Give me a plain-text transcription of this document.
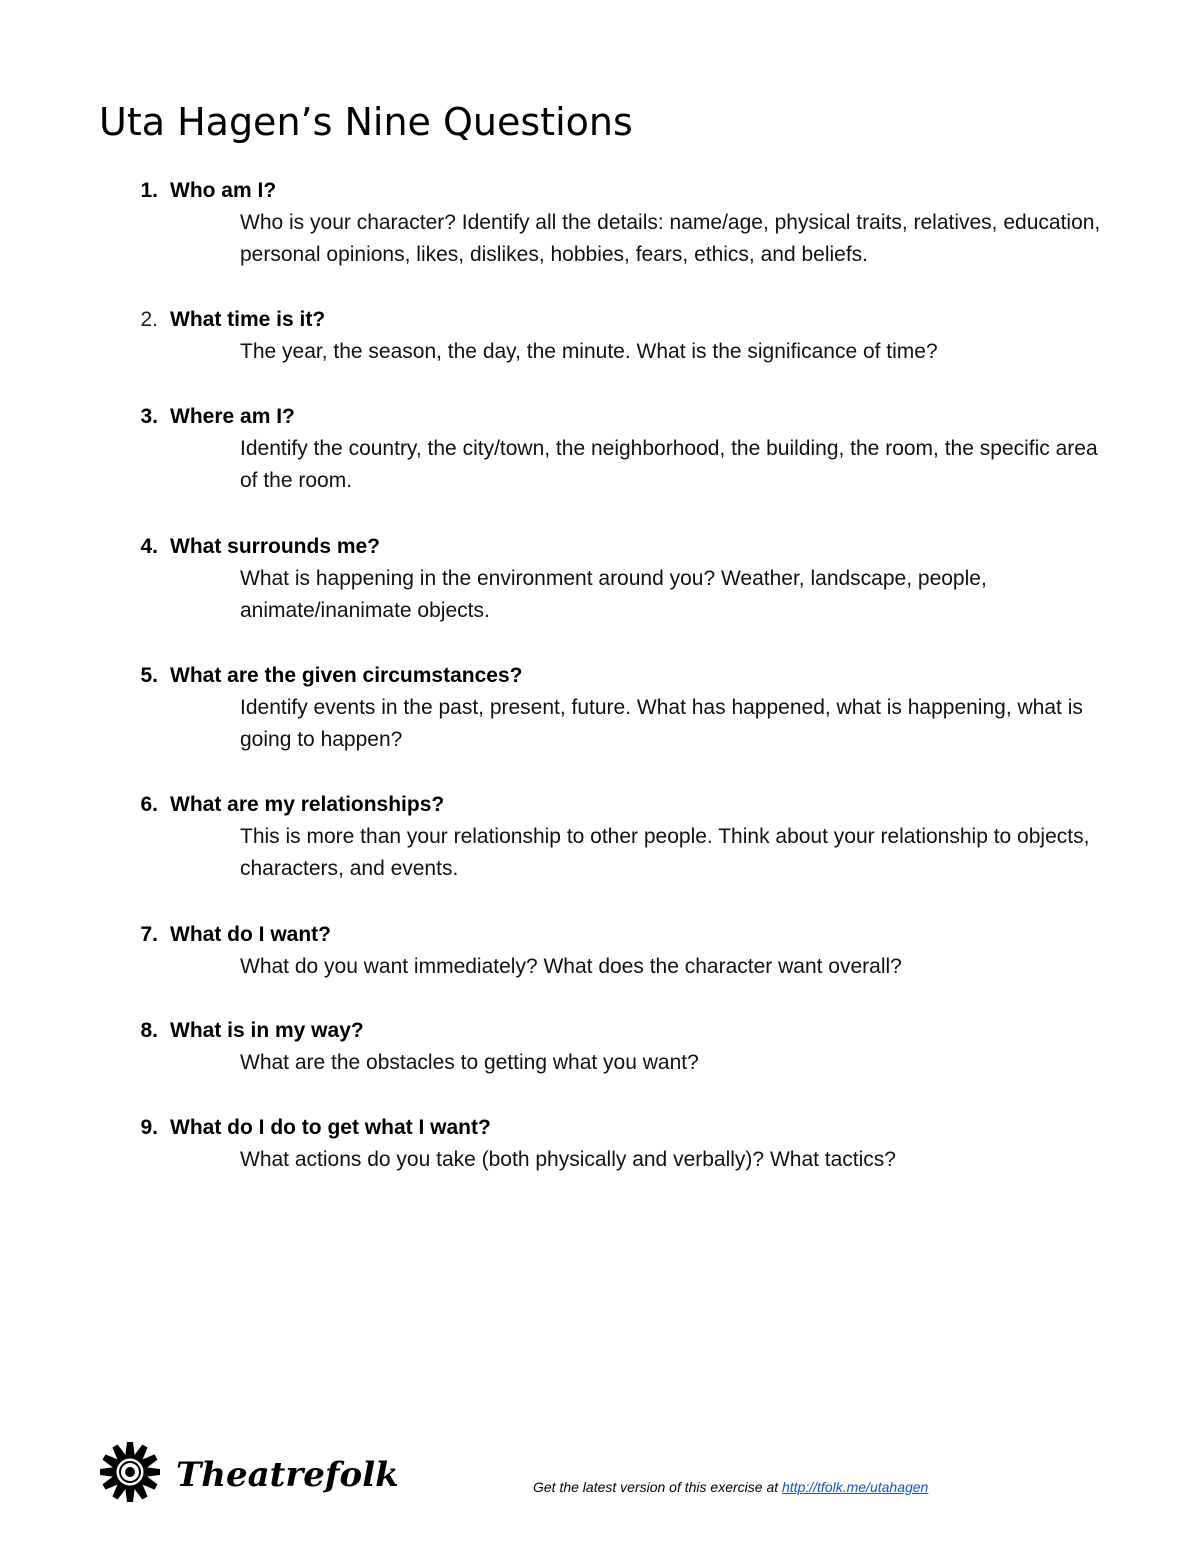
Uta Hagen’s Nine Questions
1. Who am I?
Who is your character? Identify all the details: name/age, physical traits, relatives, education, personal opinions, likes, dislikes, hobbies, fears, ethics, and beliefs.
2. What time is it?
The year, the season, the day, the minute. What is the significance of time?
3. Where am I?
Identify the country, the city/town, the neighborhood, the building, the room, the specific area of the room.
4. What surrounds me?
What is happening in the environment around you? Weather, landscape, people, animate/inanimate objects.
5. What are the given circumstances?
Identify events in the past, present, future. What has happened, what is happening, what is going to happen?
6. What are my relationships?
This is more than your relationship to other people. Think about your relationship to objects, characters, and events.
7. What do I want?
What do you want immediately? What does the character want overall?
8. What is in my way?
What are the obstacles to getting what you want?
9. What do I do to get what I want?
What actions do you take (both physically and verbally)? What tactics?
Theatrefolk	Get the latest version of this exercise at http://tfolk.me/utahagen
